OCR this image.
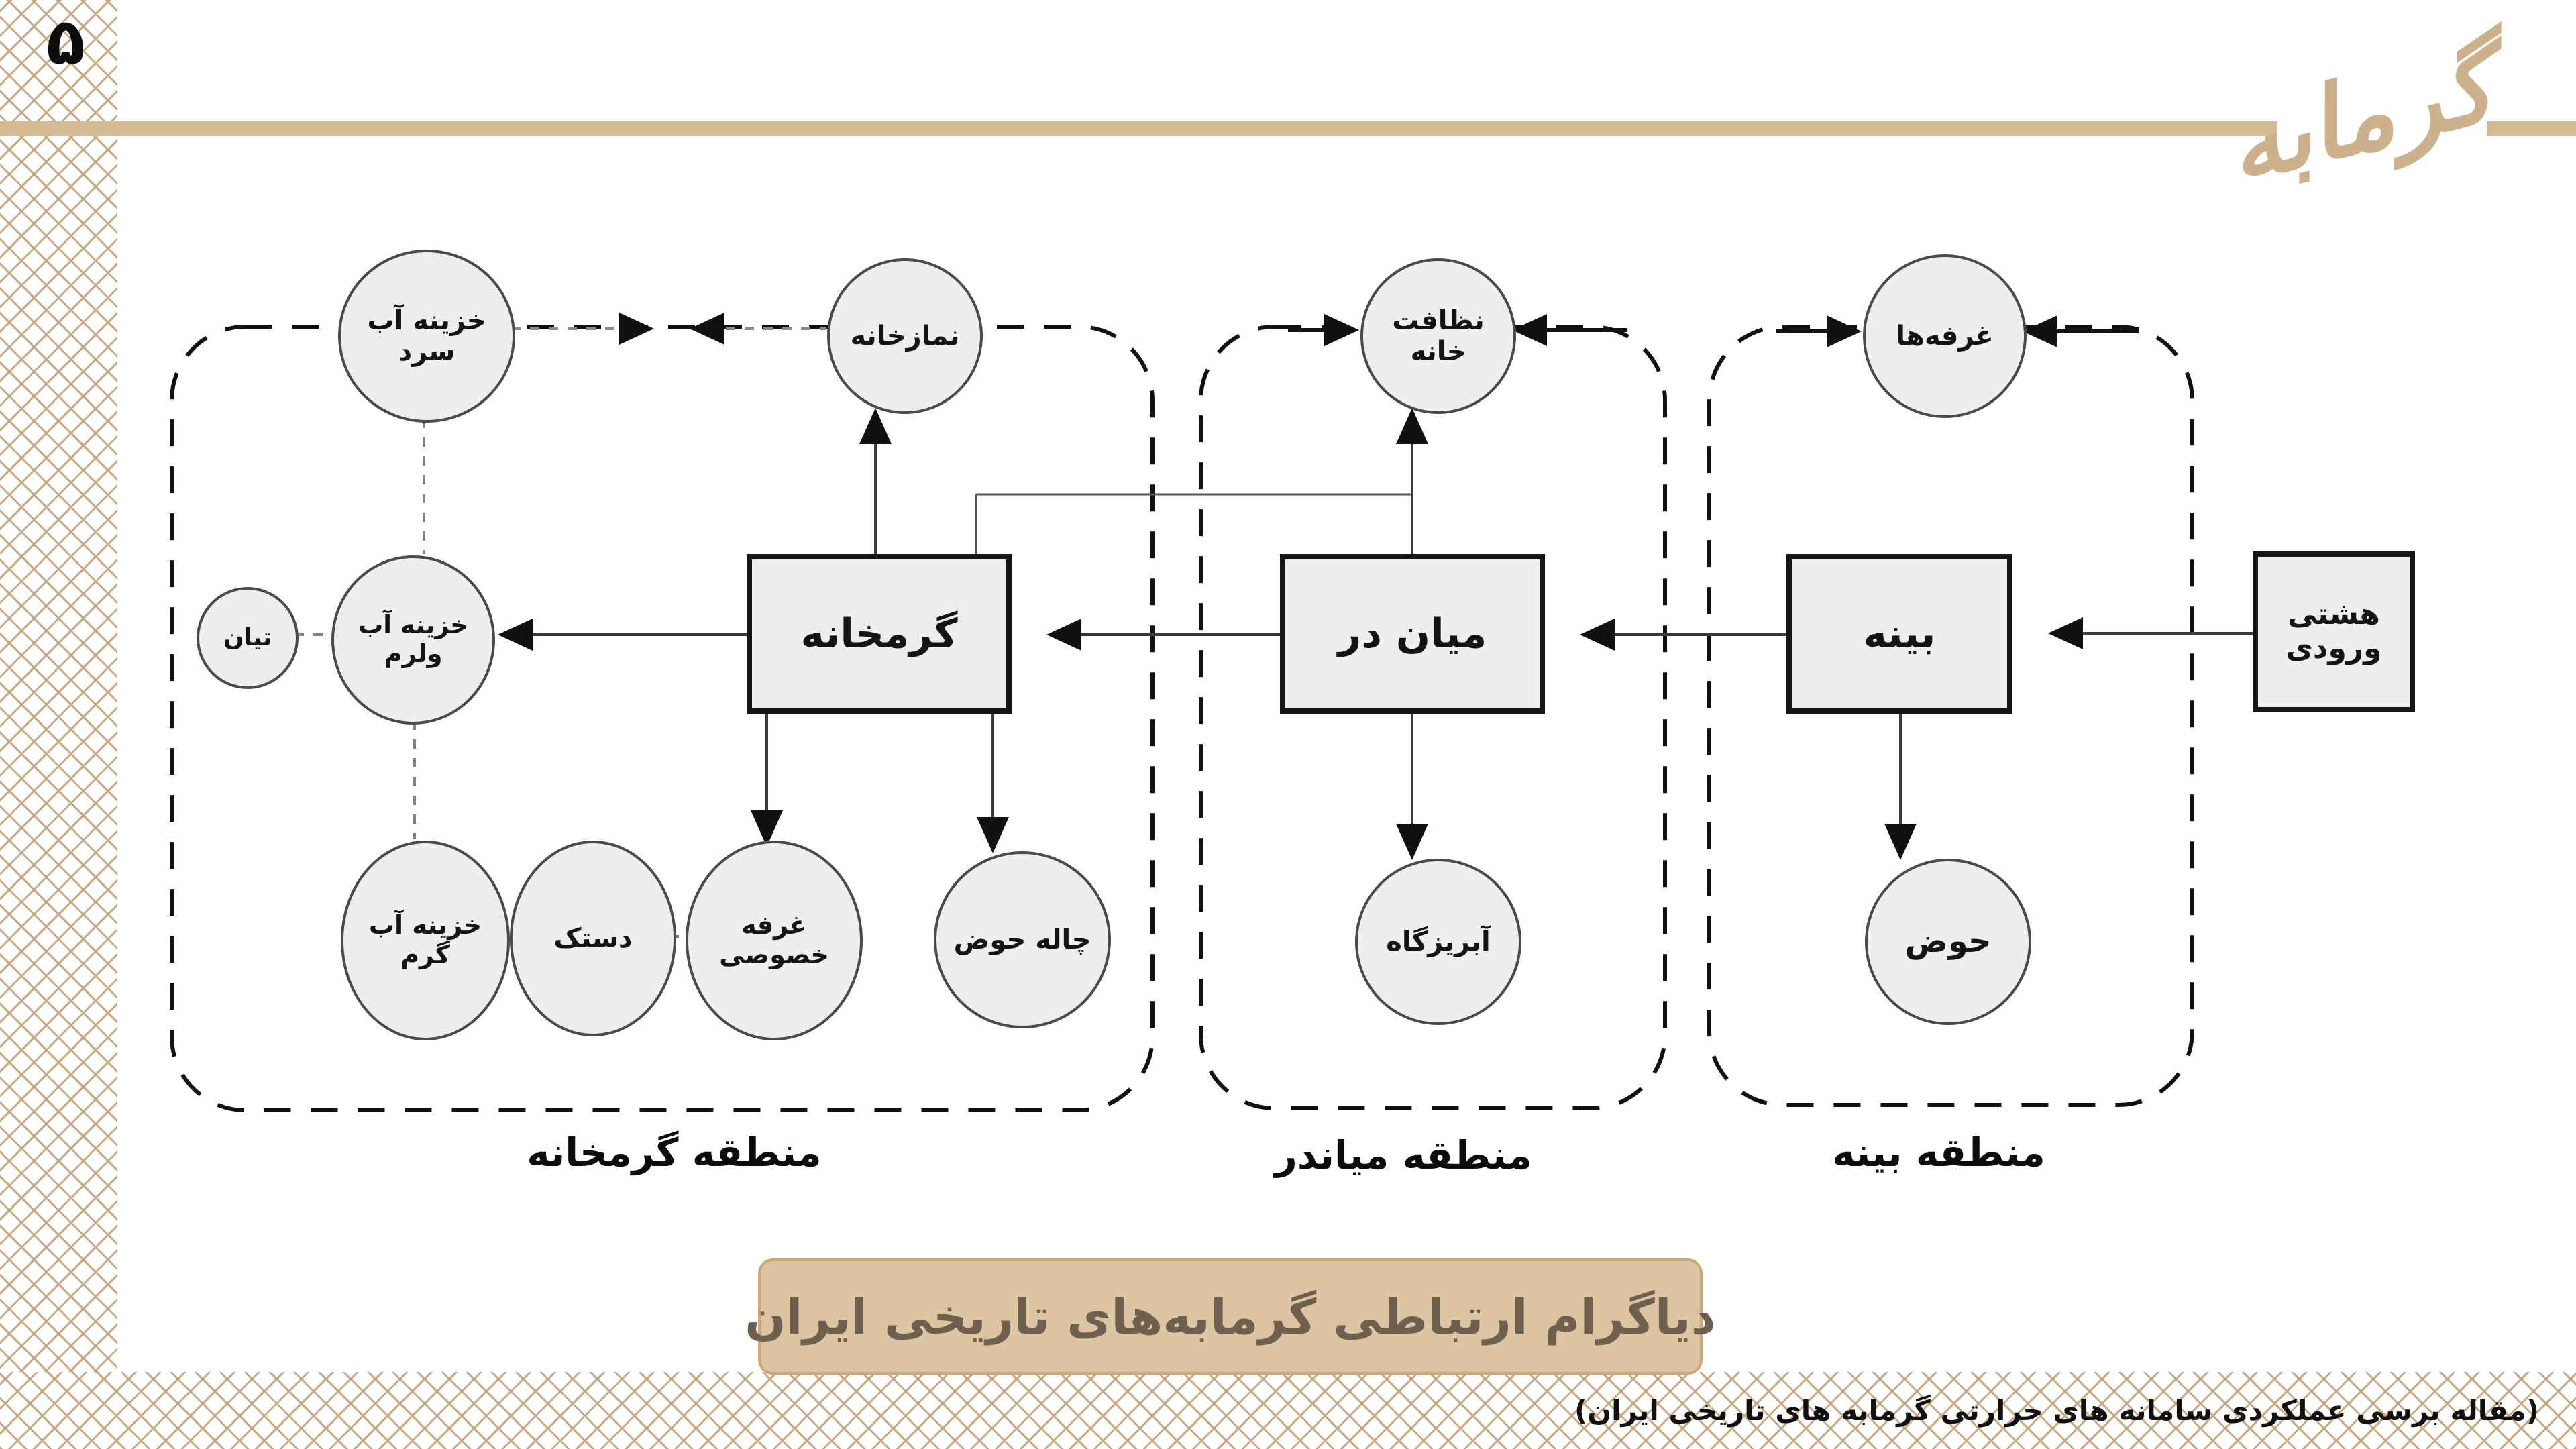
۵	گرمابه
خزینه آب سرد	نمازخانه	نظافت خانه	غرفه‌ها
تیان	خزینه آب ولرم	گرمخانه	میان در	بینه	هشتی ورودی
خزینه آب گرم
دستک	غرفه خصوصی	چاله حوض	آبریزگاه	حوض
منطقه گرمخانه	منطقه میاندر	منطقه بینه
دیاگرام ارتباطی گرمابه‌های تاریخی ایران
(مقاله برسی عملکردی سامانه های حرارتی گرمابه های تاریخی ایران)
